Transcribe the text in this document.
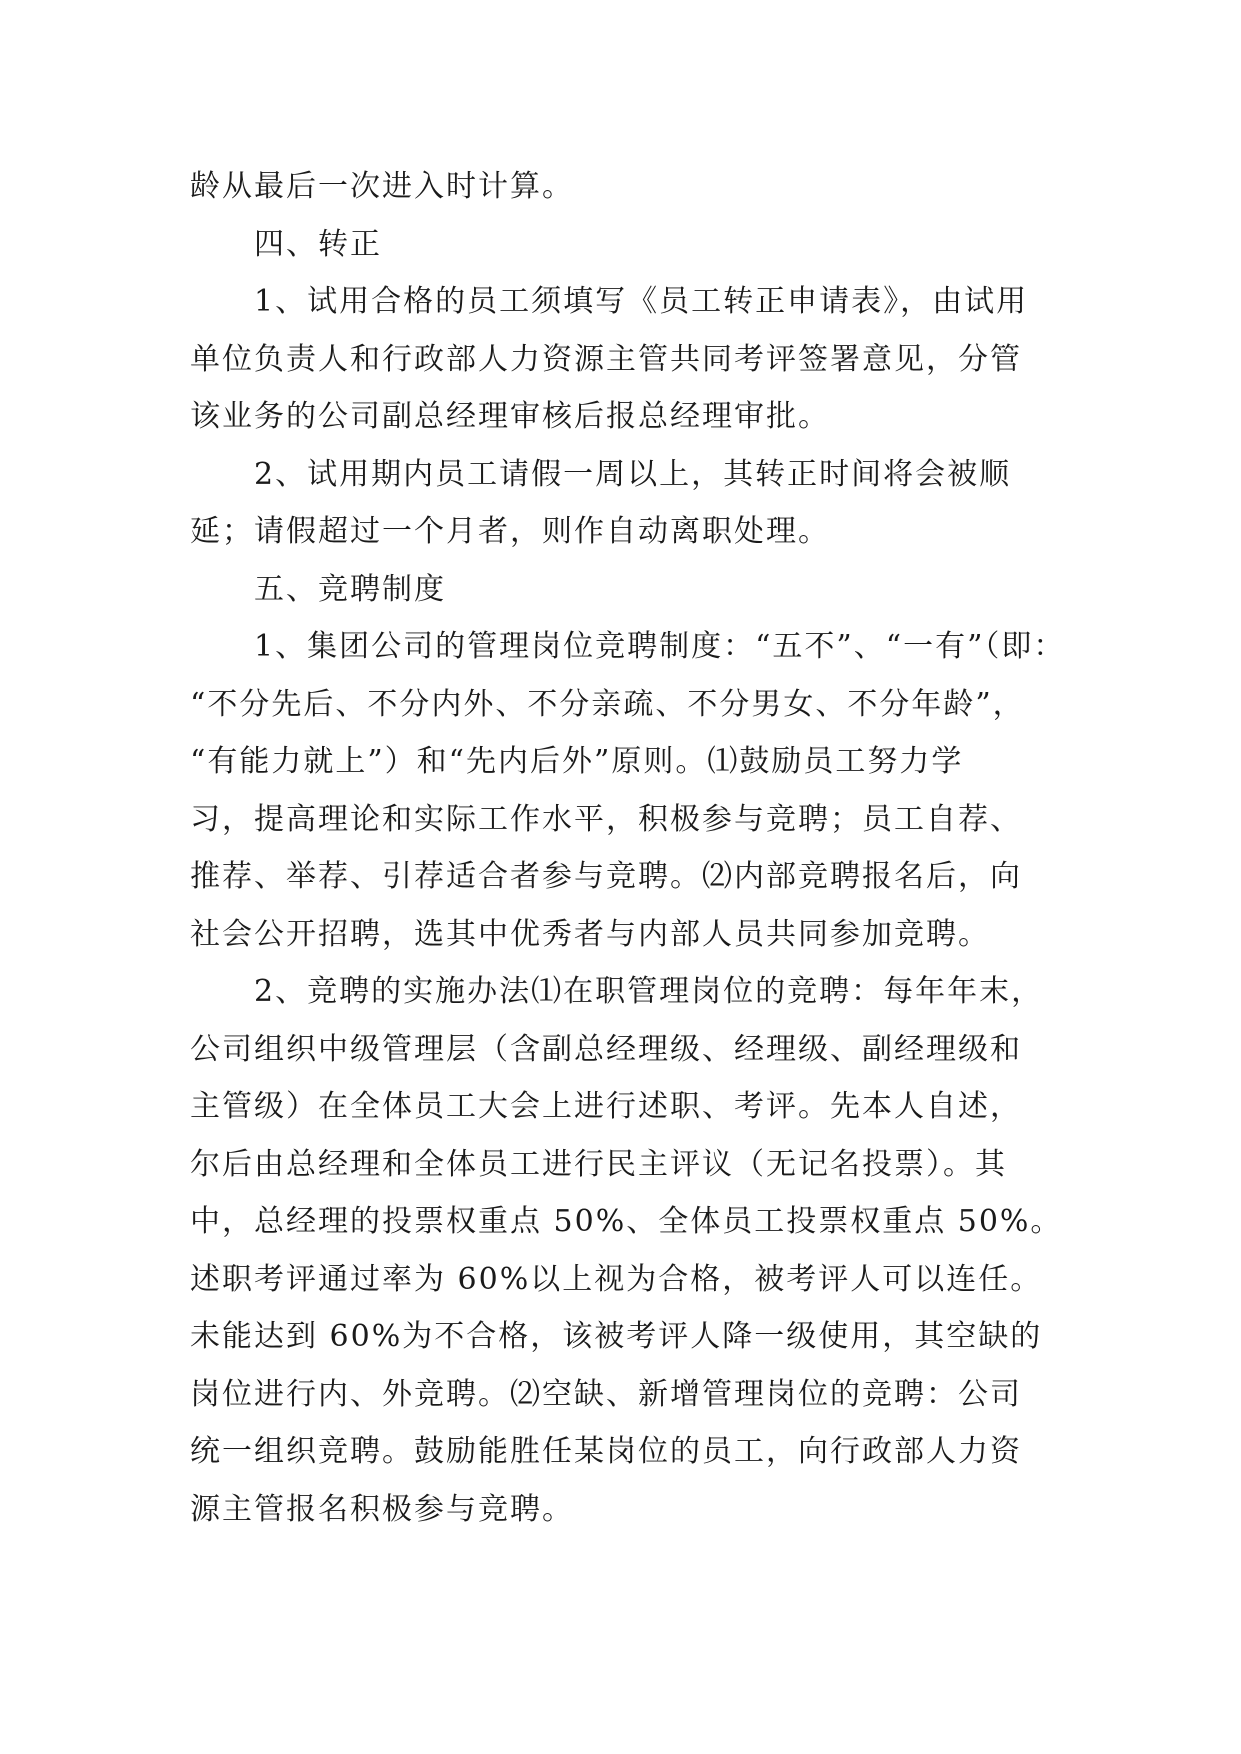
龄从最后一次进入时计算。
四、转正
1、试用合格的员工须填写《员工转正申请表》，由试用
单位负责人和行政部人力资源主管共同考评签署意见，分管
该业务的公司副总经理审核后报总经理审批。
2、试用期内员工请假一周以上，其转正时间将会被顺
延；请假超过一个月者，则作自动离职处理。
五、竞聘制度
1、集团公司的管理岗位竞聘制度：“五不”、“一有”（即：
“不分先后、不分内外、不分亲疏、不分男女、不分年龄”，
“有能力就上”）和“先内后外”原则。⑴鼓励员工努力学
习，提高理论和实际工作水平，积极参与竞聘；员工自荐、
推荐、举荐、引荐适合者参与竞聘。⑵内部竞聘报名后，向
社会公开招聘，选其中优秀者与内部人员共同参加竞聘。
2、竞聘的实施办法⑴在职管理岗位的竞聘：每年年末，
公司组织中级管理层（含副总经理级、经理级、副经理级和
主管级）在全体员工大会上进行述职、考评。先本人自述，
尔后由总经理和全体员工进行民主评议（无记名投票）。其
中，总经理的投票权重点 50%、全体员工投票权重点 50%。
述职考评通过率为 60%以上视为合格，被考评人可以连任。
未能达到 60%为不合格，该被考评人降一级使用，其空缺的
岗位进行内、外竞聘。⑵空缺、新增管理岗位的竞聘：公司
统一组织竞聘。鼓励能胜任某岗位的员工，向行政部人力资
源主管报名积极参与竞聘。
